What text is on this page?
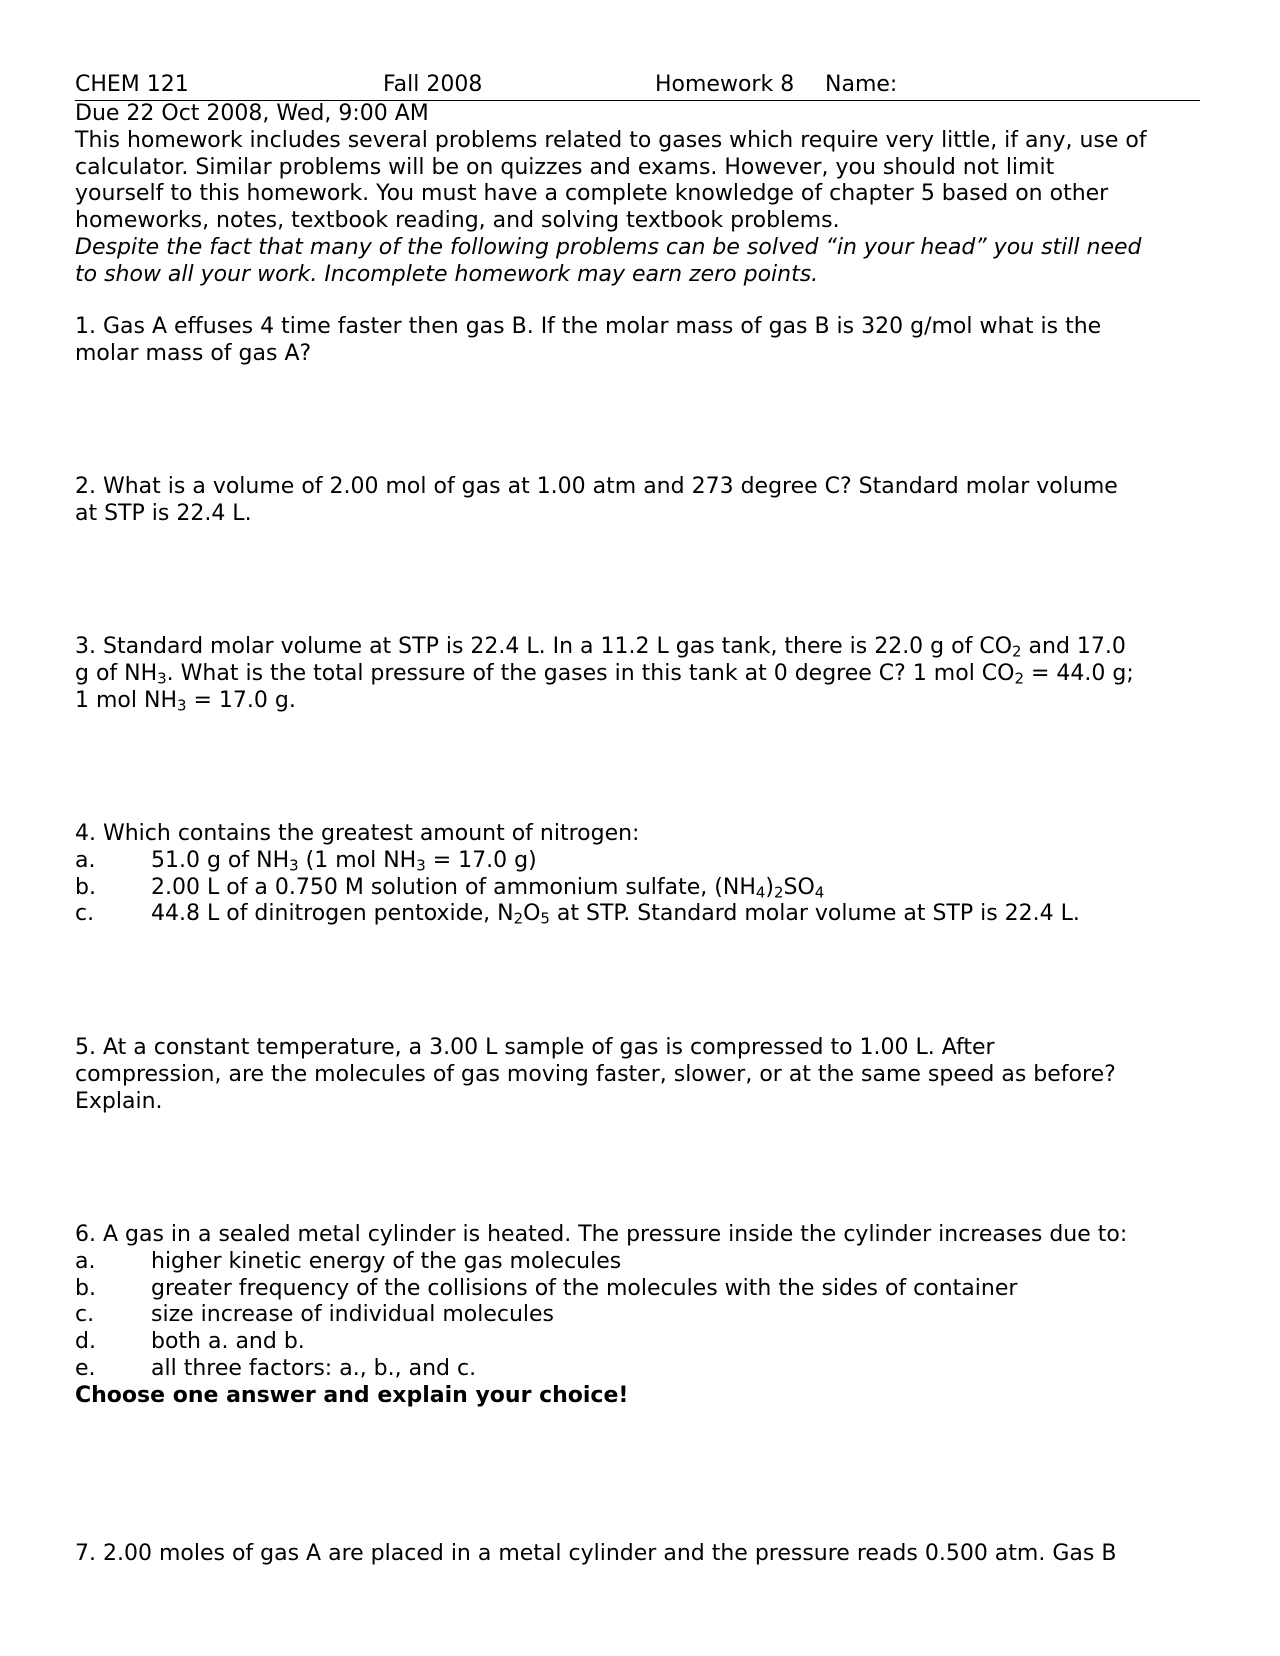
CHEM 121	Fall 2008	Homework 8 Name:
Due 22 Oct 2008, Wed, 9:00 AM
This homework includes several problems related to gases which require very little, if any, use of
calculator. Similar problems will be on quizzes and exams. However, you should not limit
yourself to this homework. You must have a complete knowledge of chapter 5 based on other
homeworks, notes, textbook reading, and solving textbook problems.
Despite the fact that many of the following problems can be solved “in your head” you still need
to show all your work. Incomplete homework may earn zero points.
1. Gas A effuses 4 time faster then gas B. If the molar mass of gas B is 320 g/mol what is the
molar mass of gas A?
2. What is a volume of 2.00 mol of gas at 1.00 atm and 273 degree C? Standard molar volume
at STP is 22.4 L.
3. Standard molar volume at STP is 22.4 L. In a 11.2 L gas tank, there is 22.0 g of $CO_2$ and 17.0
g of $NH_3$. What is the total pressure of the gases in this tank at 0 degree C? 1 mol $CO_2 = 44.0$ g;
1 mol $NH_3 = 17.0$ g.
4. Which contains the greatest amount of nitrogen:
a.	51.0 g of $NH_3$ (1 mol $NH_3 = 17.0$ g)
b.	2.00 L of a 0.750 M solution of ammonium sulfate, $(NH_4)_2SO_4$
c.	44.8 L of dinitrogen pentoxide, $N_2O_5$ at STP. Standard molar volume at STP is 22.4 L.
5. At a constant temperature, a 3.00 L sample of gas is compressed to 1.00 L. After
compression, are the molecules of gas moving faster, slower, or at the same speed as before?
Explain.
6. A gas in a sealed metal cylinder is heated. The pressure inside the cylinder increases due to:
a.	higher kinetic energy of the gas molecules
b.	greater frequency of the collisions of the molecules with the sides of container
c.	size increase of individual molecules
d.	both a. and b.
e.	all three factors: a., b., and c.
Choose one answer and explain your choice!
7. 2.00 moles of gas A are placed in a metal cylinder and the pressure reads 0.500 atm. Gas B
